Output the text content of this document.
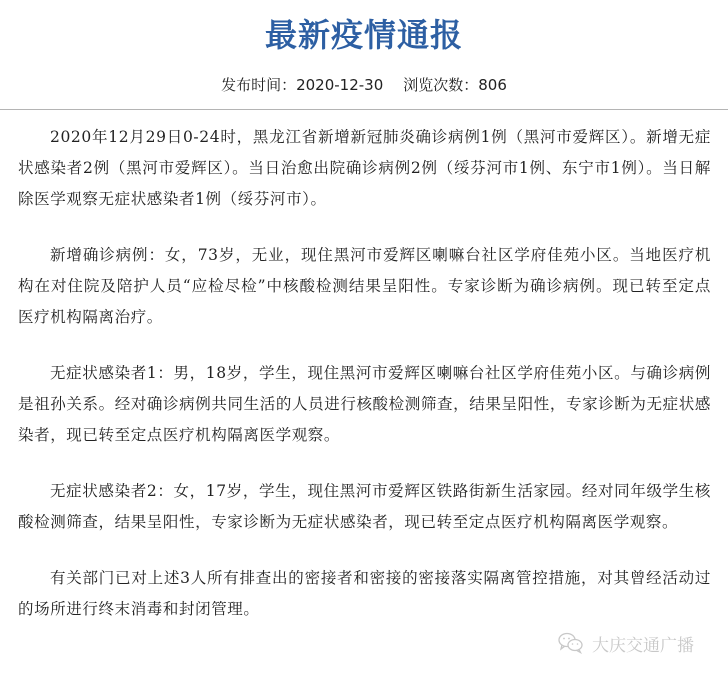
最新疫情通报
发布时间：2020-12-30 浏览次数：806

2020年12月29日0-24时，黑龙江省新增新冠肺炎确诊病例1例（黑河市爱辉区）。新增无症状感染者2例（黑河市爱辉区）。当日治愈出院确诊病例2例（绥芬河市1例、东宁市1例）。当日解除医学观察无症状感染者1例（绥芬河市）。

新增确诊病例：女，73岁，无业，现住黑河市爱辉区喇嘛台社区学府佳苑小区。当地医疗机构在对住院及陪护人员“应检尽检”中核酸检测结果呈阳性。专家诊断为确诊病例。现已转至定点医疗机构隔离治疗。

无症状感染者1：男，18岁，学生，现住黑河市爱辉区喇嘛台社区学府佳苑小区。与确诊病例是祖孙关系。经对确诊病例共同生活的人员进行核酸检测筛查，结果呈阳性，专家诊断为无症状感染者，现已转至定点医疗机构隔离医学观察。

无症状感染者2：女，17岁，学生，现住黑河市爱辉区铁路街新生活家园。经对同年级学生核酸检测筛查，结果呈阳性，专家诊断为无症状感染者，现已转至定点医疗机构隔离医学观察。

有关部门已对上述3人所有排查出的密接者和密接的密接落实隔离管控措施，对其曾经活动过的场所进行终末消毒和封闭管理。

大庆交通广播
